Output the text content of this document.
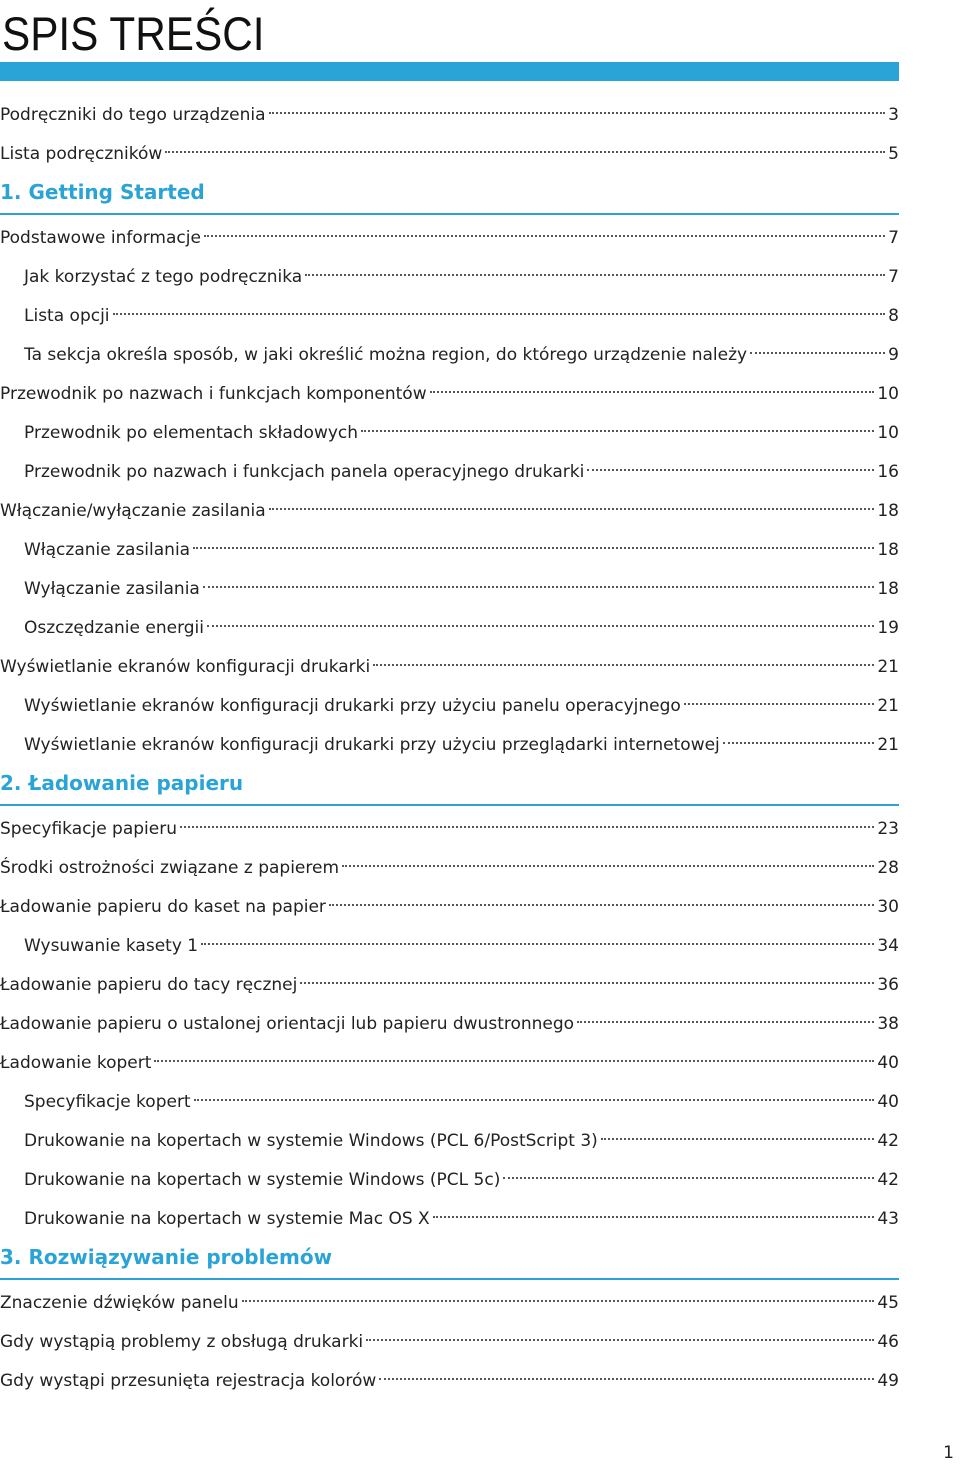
SPIS TREŚCI
Podręczniki do tego urządzenia	3
Lista podręczników	5
1. Getting Started
Podstawowe informacje	7
Jak korzystać z tego podręcznika	7
Lista opcji	8
Ta sekcja określa sposób, w jaki określić można region, do którego urządzenie należy	9
Przewodnik po nazwach i funkcjach komponentów	10
Przewodnik po elementach składowych	10
Przewodnik po nazwach i funkcjach panela operacyjnego drukarki	16
Włączanie/wyłączanie zasilania	18
Włączanie zasilania	18
Wyłączanie zasilania	18
Oszczędzanie energii	19
Wyświetlanie ekranów konfiguracji drukarki	21
Wyświetlanie ekranów konfiguracji drukarki przy użyciu panelu operacyjnego	21
Wyświetlanie ekranów konfiguracji drukarki przy użyciu przeglądarki internetowej	21
2. Ładowanie papieru
Specyfikacje papieru	23
Środki ostrożności związane z papierem	28
Ładowanie papieru do kaset na papier	30
Wysuwanie kasety 1	34
Ładowanie papieru do tacy ręcznej	36
Ładowanie papieru o ustalonej orientacji lub papieru dwustronnego	38
Ładowanie kopert	40
Specyfikacje kopert	40
Drukowanie na kopertach w systemie Windows (PCL 6/PostScript 3)	42
Drukowanie na kopertach w systemie Windows (PCL 5c)	42
Drukowanie na kopertach w systemie Mac OS X	43
3. Rozwiązywanie problemów
Znaczenie dźwięków panelu	45
Gdy wystąpią problemy z obsługą drukarki	46
Gdy wystąpi przesunięta rejestracja kolorów	49
1
